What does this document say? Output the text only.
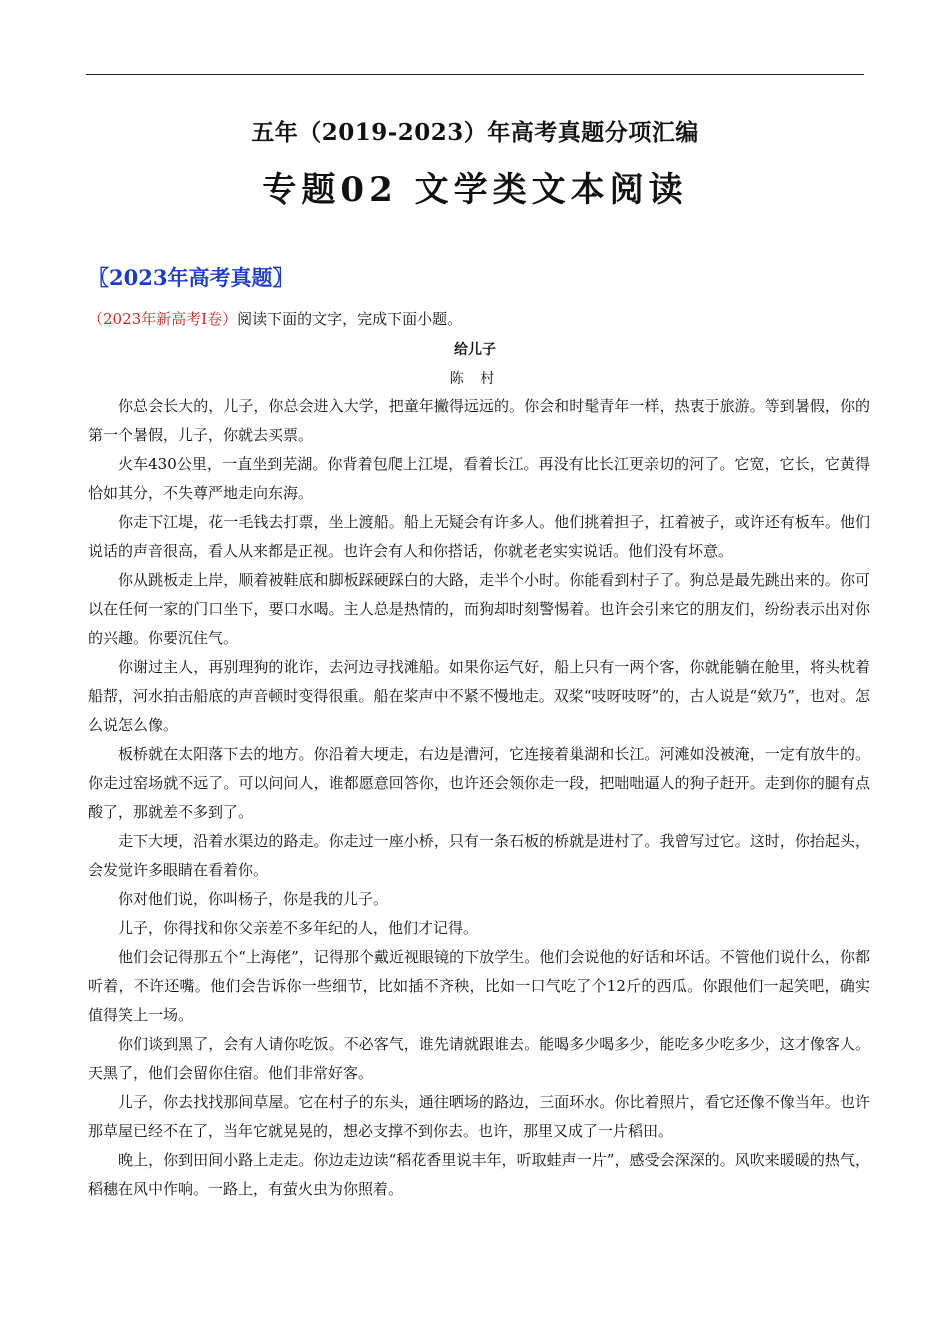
五年（2019-2023）年高考真题分项汇编
专题02 文学类文本阅读
〖2023年高考真题〗
（2023年新高考Ⅰ卷）阅读下面的文字，完成下面小题。
给儿子
陈 村

你总会长大的，儿子，你总会进入大学，把童年撇得远远的。你会和时髦青年一样，热衷于旅游。等到暑假，你的第一个暑假，儿子，你就去买票。

火车430公里，一直坐到芜湖。你背着包爬上江堤，看着长江。再没有比长江更亲切的河了。它宽，它长，它黄得恰如其分，不失尊严地走向东海。

你走下江堤，花一毛钱去打票，坐上渡船。船上无疑会有许多人。他们挑着担子，扛着被子，或许还有板车。他们说话的声音很高，看人从来都是正视。也许会有人和你搭话，你就老老实实说话。他们没有坏意。

你从跳板走上岸，顺着被鞋底和脚板踩硬踩白的大路，走半个小时。你能看到村子了。狗总是最先跳出来的。你可以在任何一家的门口坐下，要口水喝。主人总是热情的，而狗却时刻警惕着。也许会引来它的朋友们，纷纷表示出对你的兴趣。你要沉住气。

你谢过主人，再别理狗的讹诈，去河边寻找滩船。如果你运气好，船上只有一两个客，你就能躺在舱里，将头枕着船帮，河水拍击船底的声音顿时变得很重。船在桨声中不紧不慢地走。双桨“吱呀吱呀”的，古人说是“欸乃”，也对。怎么说怎么像。

板桥就在太阳落下去的地方。你沿着大埂走，右边是漕河，它连接着巢湖和长江。河滩如没被淹，一定有放牛的。你走过窑场就不远了。可以问问人，谁都愿意回答你，也许还会领你走一段，把咄咄逼人的狗子赶开。走到你的腿有点酸了，那就差不多到了。

走下大埂，沿着水渠边的路走。你走过一座小桥，只有一条石板的桥就是进村了。我曾写过它。这时，你抬起头，会发觉许多眼睛在看着你。

你对他们说，你叫杨子，你是我的儿子。

儿子，你得找和你父亲差不多年纪的人，他们才记得。

他们会记得那五个“上海佬”，记得那个戴近视眼镜的下放学生。他们会说他的好话和坏话。不管他们说什么，你都听着，不许还嘴。他们会告诉你一些细节，比如插不齐秧，比如一口气吃了个12斤的西瓜。你跟他们一起笑吧，确实值得笑上一场。

你们谈到黑了，会有人请你吃饭。不必客气，谁先请就跟谁去。能喝多少喝多少，能吃多少吃多少，这才像客人。天黑了，他们会留你住宿。他们非常好客。

儿子，你去找找那间草屋。它在村子的东头，通往晒场的路边，三面环水。你比着照片，看它还像不像当年。也许那草屋已经不在了，当年它就晃晃的，想必支撑不到你去。也许，那里又成了一片稻田。

晚上，你到田间小路上走走。你边走边读“稻花香里说丰年，听取蛙声一片”，感受会深深的。风吹来暖暖的热气，稻穗在风中作响。一路上，有萤火虫为你照着。
